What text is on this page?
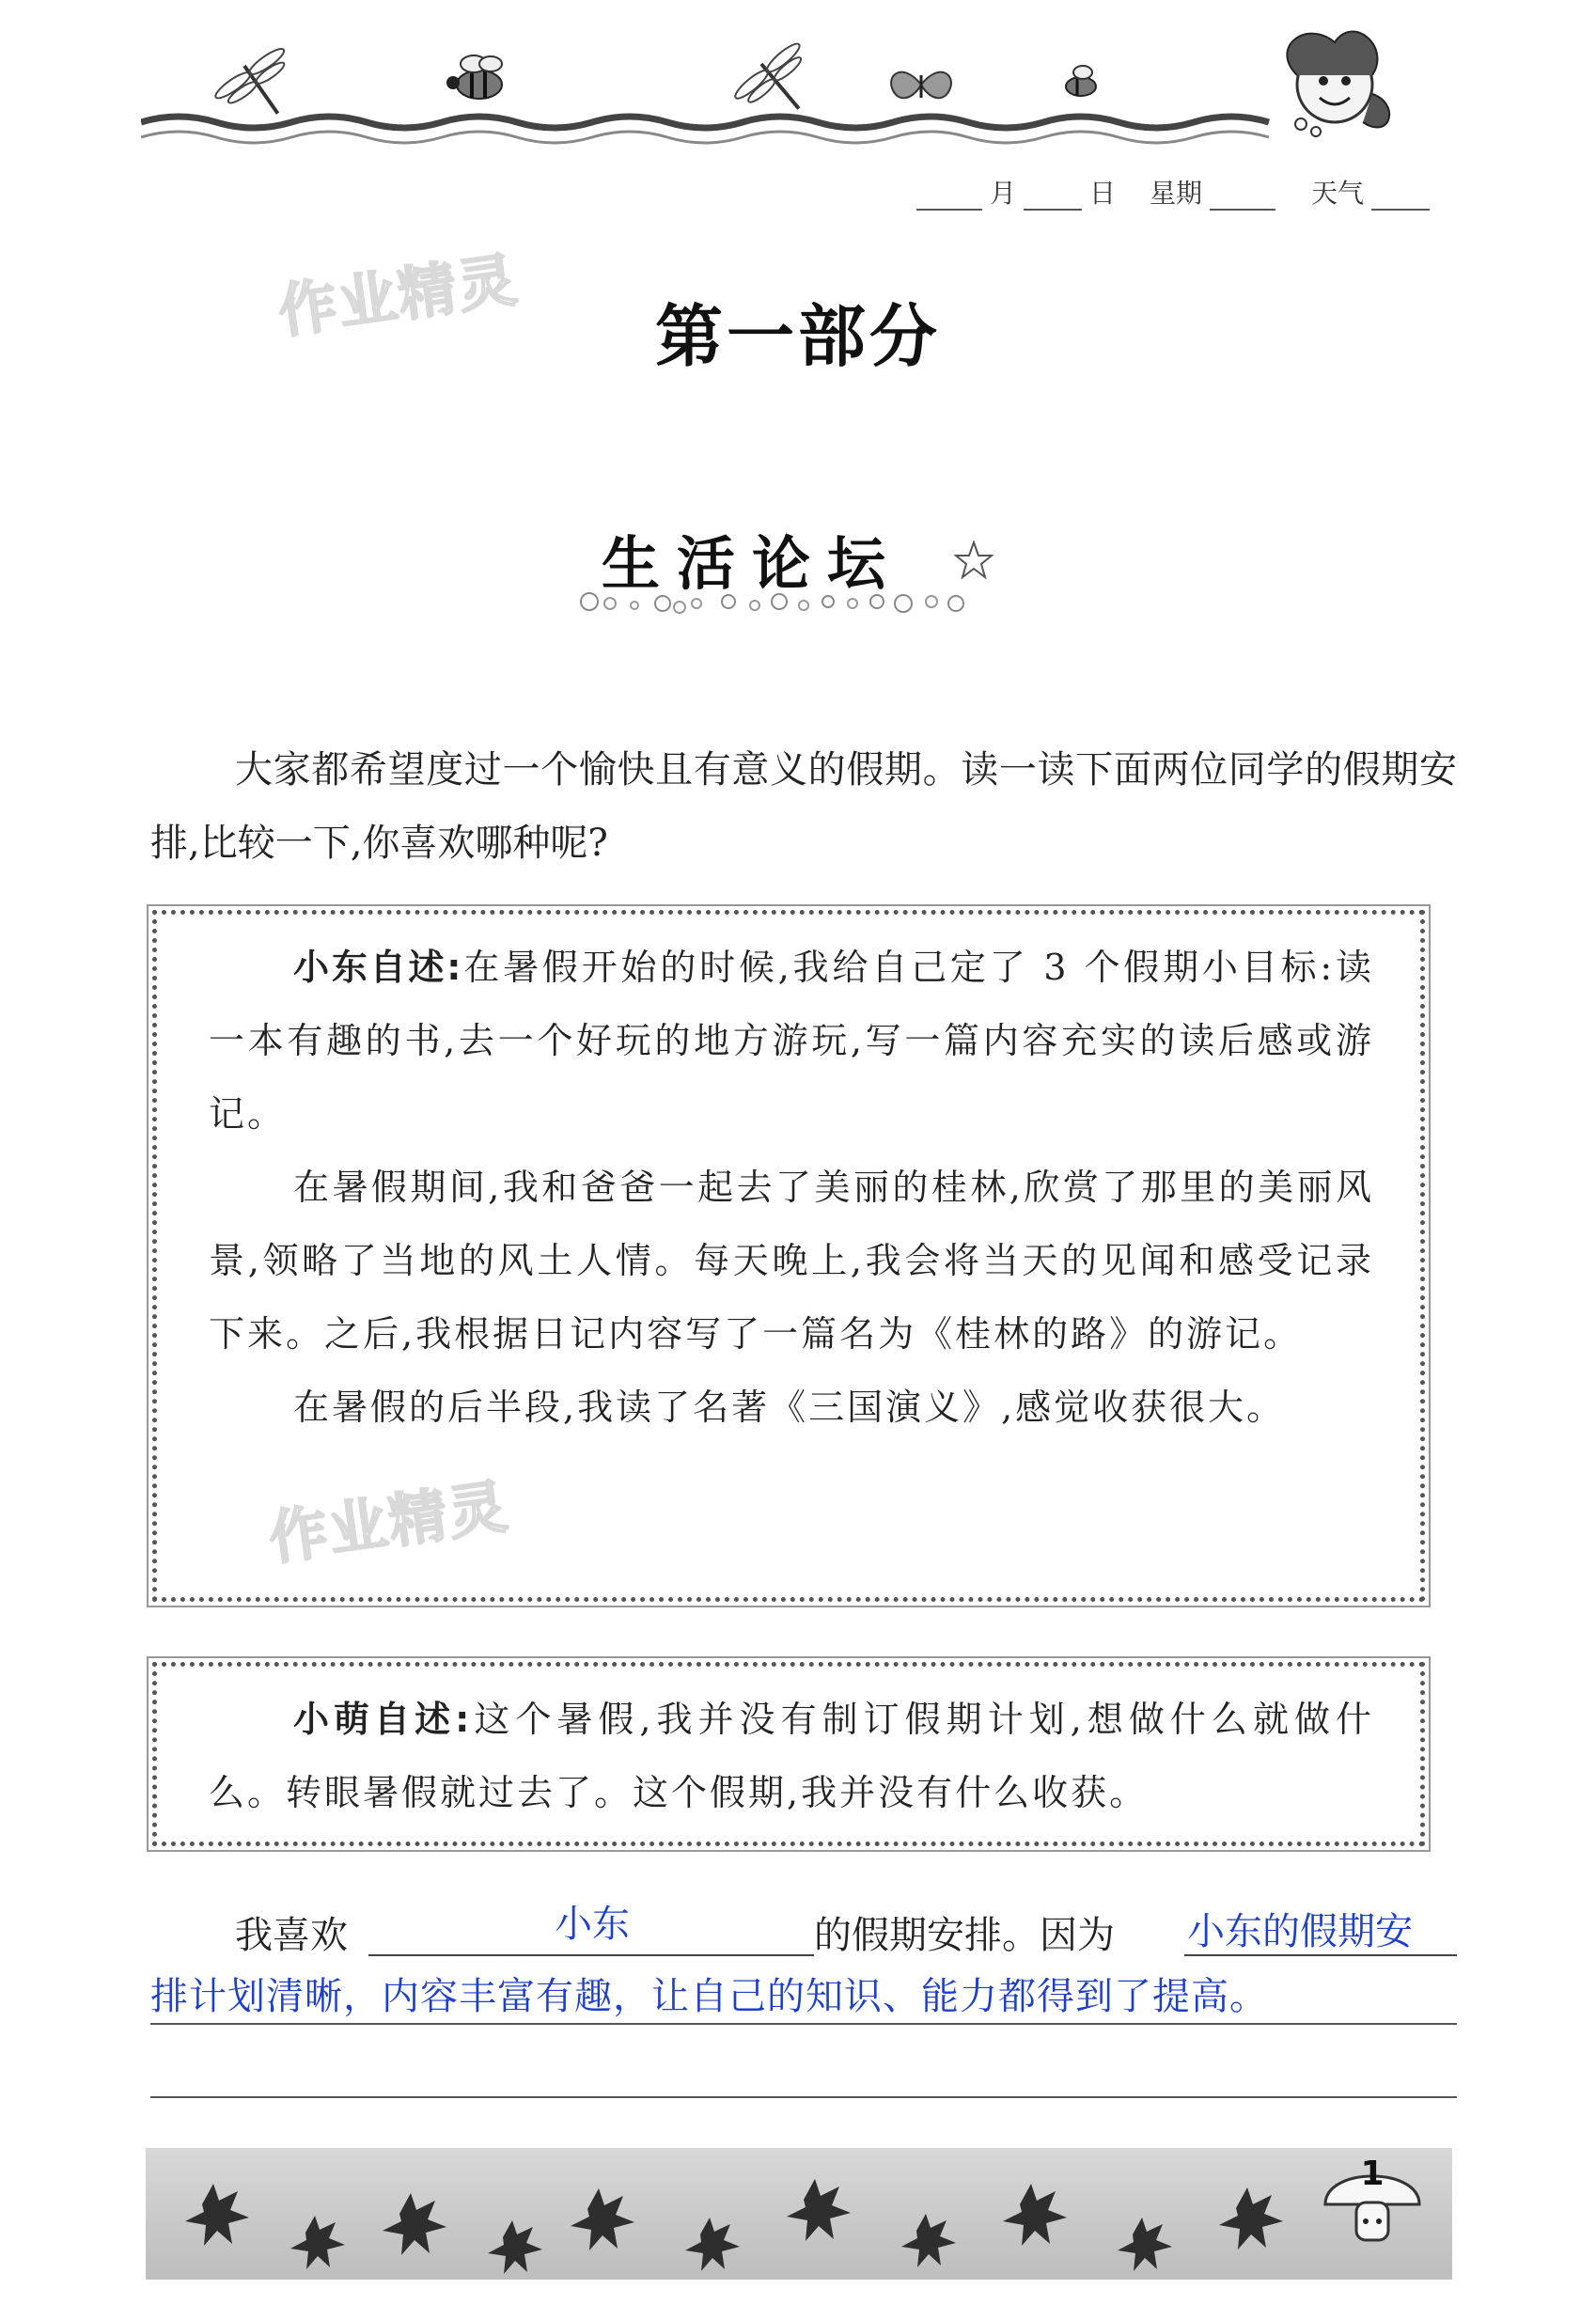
月	日 星期	天气
作业精灵
作业精灵
第一部分
生活论坛

大家都希望度过一个愉快且有意义的假期。读一读下面两位同学的假期安排,比较一下,你喜欢哪种呢?

小东自述:在暑假开始的时候,我给自己定了 3 个假期小目标:读一本有趣的书,去一个好玩的地方游玩,写一篇内容充实的读后感或游记。

在暑假期间,我和爸爸一起去了美丽的桂林,欣赏了那里的美丽风景,领略了当地的风土人情。每天晚上,我会将当天的见闻和感受记录下来。之后,我根据日记内容写了一篇名为《桂林的路》的游记。

在暑假的后半段,我读了名著《三国演义》,感觉收获很大。

小萌自述:这个暑假,我并没有制订假期计划,想做什么就做什么。转眼暑假就过去了。这个假期,我并没有什么收获。

我喜欢	小东	的假期安排。因为 小东的假期安
排计划清晰，内容丰富有趣，让自己的知识、能力都得到了提高。
1
